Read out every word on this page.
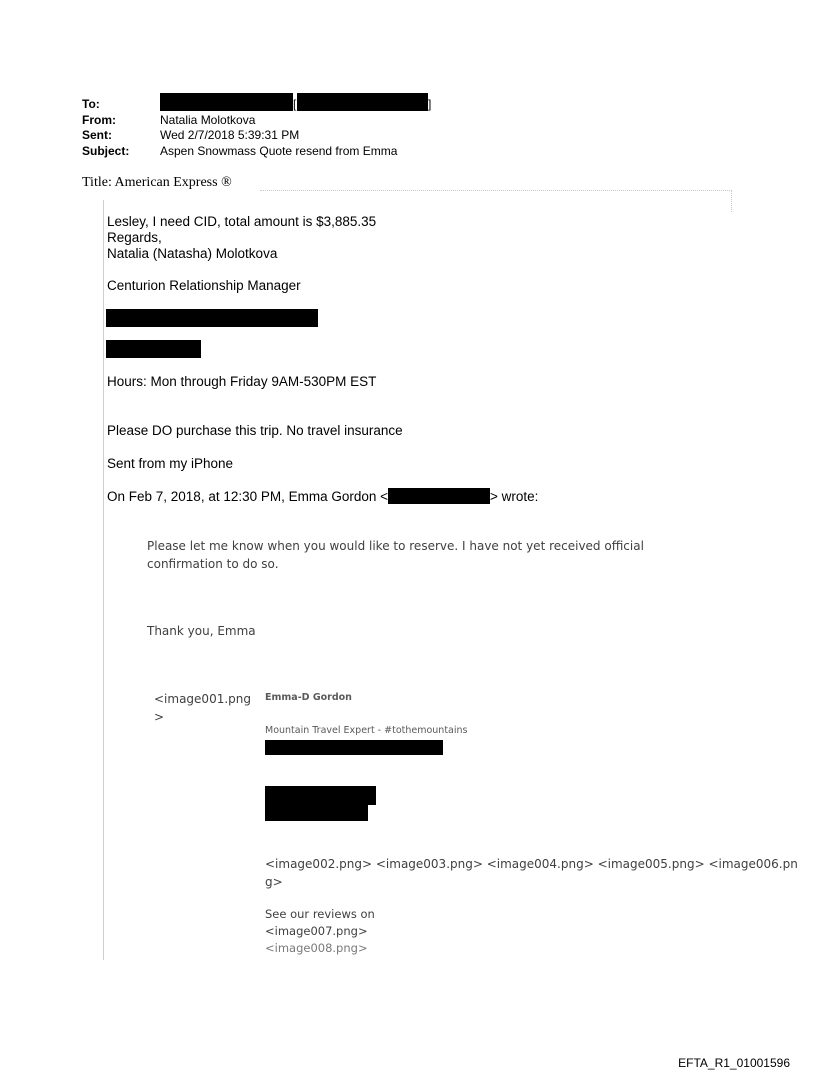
To:	[	]
From:	Natalia Molotkova
Sent:	Wed 2/7/2018 5:39:31 PM
Subject:	Aspen Snowmass Quote resend from Emma
Title: American Express ®
Lesley, I need CID, total amount is $3,885.35
Regards,
Natalia (Natasha) Molotkova
Centurion Relationship Manager
Hours: Mon through Friday 9AM-530PM EST
Please DO purchase this trip. No travel insurance
Sent from my iPhone
On Feb 7, 2018, at 12:30 PM, Emma Gordon <	> wrote:
Please let me know when you would like to reserve. I have not yet received official
confirmation to do so.
Thank you, Emma
<image001.png
>
Emma-D Gordon
Mountain Travel Expert - #tothemountains
<image002.png> <image003.png> <image004.png> <image005.png> <image006.pn
g>
See our reviews on
<image007.png>
<image008.png>
EFTA_R1_01001596
